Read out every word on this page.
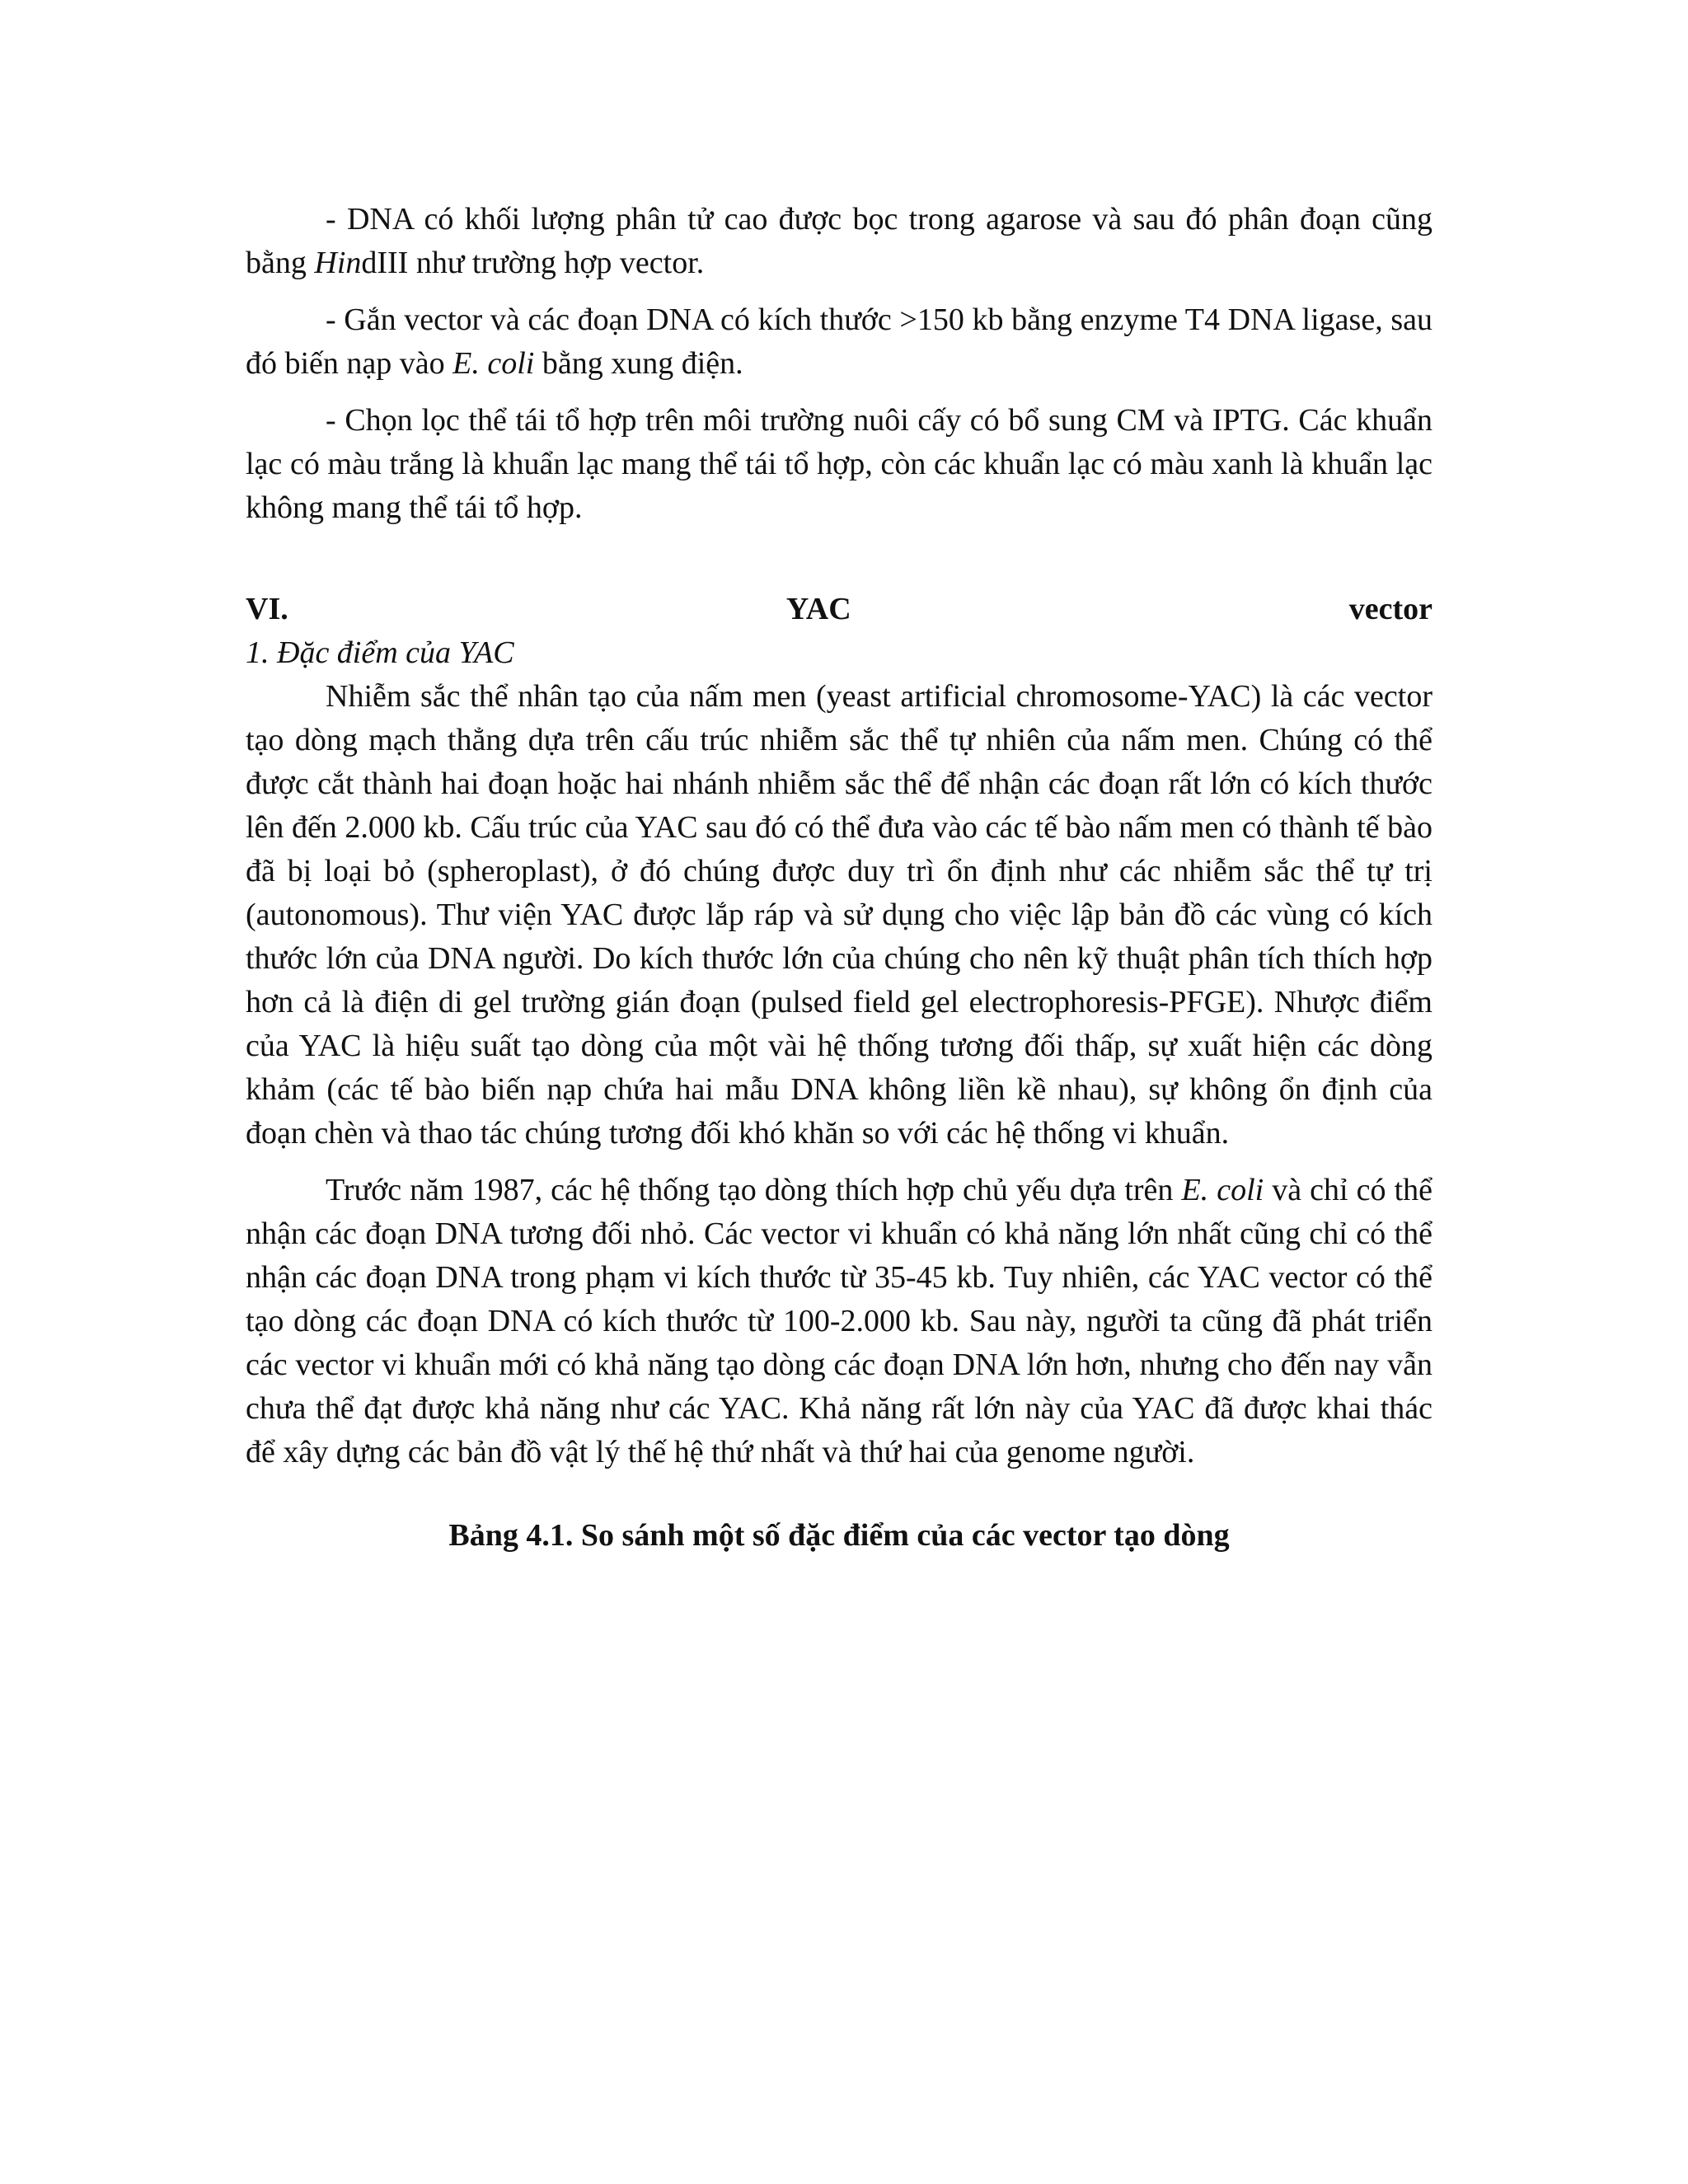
- DNA có khối lượng phân tử cao được bọc trong agarose và sau đó phân đoạn cũng bằng HindIII như trường hợp vector.

- Gắn vector và các đoạn DNA có kích thước >150 kb bằng enzyme T4 DNA ligase, sau đó biến nạp vào E. coli bằng xung điện.

- Chọn lọc thể tái tổ hợp trên môi trường nuôi cấy có bổ sung CM và IPTG. Các khuẩn lạc có màu trắng là khuẩn lạc mang thể tái tổ hợp, còn các khuẩn lạc có màu xanh là khuẩn lạc không mang thể tái tổ hợp.

VI.	YAC	vector
1. Đặc điểm của YAC

Nhiễm sắc thể nhân tạo của nấm men (yeast artificial chromosome-YAC) là các vector tạo dòng mạch thẳng dựa trên cấu trúc nhiễm sắc thể tự nhiên của nấm men. Chúng có thể được cắt thành hai đoạn hoặc hai nhánh nhiễm sắc thể để nhận các đoạn rất lớn có kích thước lên đến 2.000 kb. Cấu trúc của YAC sau đó có thể đưa vào các tế bào nấm men có thành tế bào đã bị loại bỏ (spheroplast), ở đó chúng được duy trì ổn định như các nhiễm sắc thể tự trị (autonomous). Thư viện YAC được lắp ráp và sử dụng cho việc lập bản đồ các vùng có kích thước lớn của DNA người. Do kích thước lớn của chúng cho nên kỹ thuật phân tích thích hợp hơn cả là điện di gel trường gián đoạn (pulsed field gel electrophoresis-PFGE). Nhược điểm của YAC là hiệu suất tạo dòng của một vài hệ thống tương đối thấp, sự xuất hiện các dòng khảm (các tế bào biến nạp chứa hai mẫu DNA không liền kề nhau), sự không ổn định của đoạn chèn và thao tác chúng tương đối khó khăn so với các hệ thống vi khuẩn.

Trước năm 1987, các hệ thống tạo dòng thích hợp chủ yếu dựa trên E. coli và chỉ có thể nhận các đoạn DNA tương đối nhỏ. Các vector vi khuẩn có khả năng lớn nhất cũng chỉ có thể nhận các đoạn DNA trong phạm vi kích thước từ 35-45 kb. Tuy nhiên, các YAC vector có thể tạo dòng các đoạn DNA có kích thước từ 100-2.000 kb. Sau này, người ta cũng đã phát triển các vector vi khuẩn mới có khả năng tạo dòng các đoạn DNA lớn hơn, nhưng cho đến nay vẫn chưa thể đạt được khả năng như các YAC. Khả năng rất lớn này của YAC đã được khai thác để xây dựng các bản đồ vật lý thế hệ thứ nhất và thứ hai của genome người.

Bảng 4.1. So sánh một số đặc điểm của các vector tạo dòng
